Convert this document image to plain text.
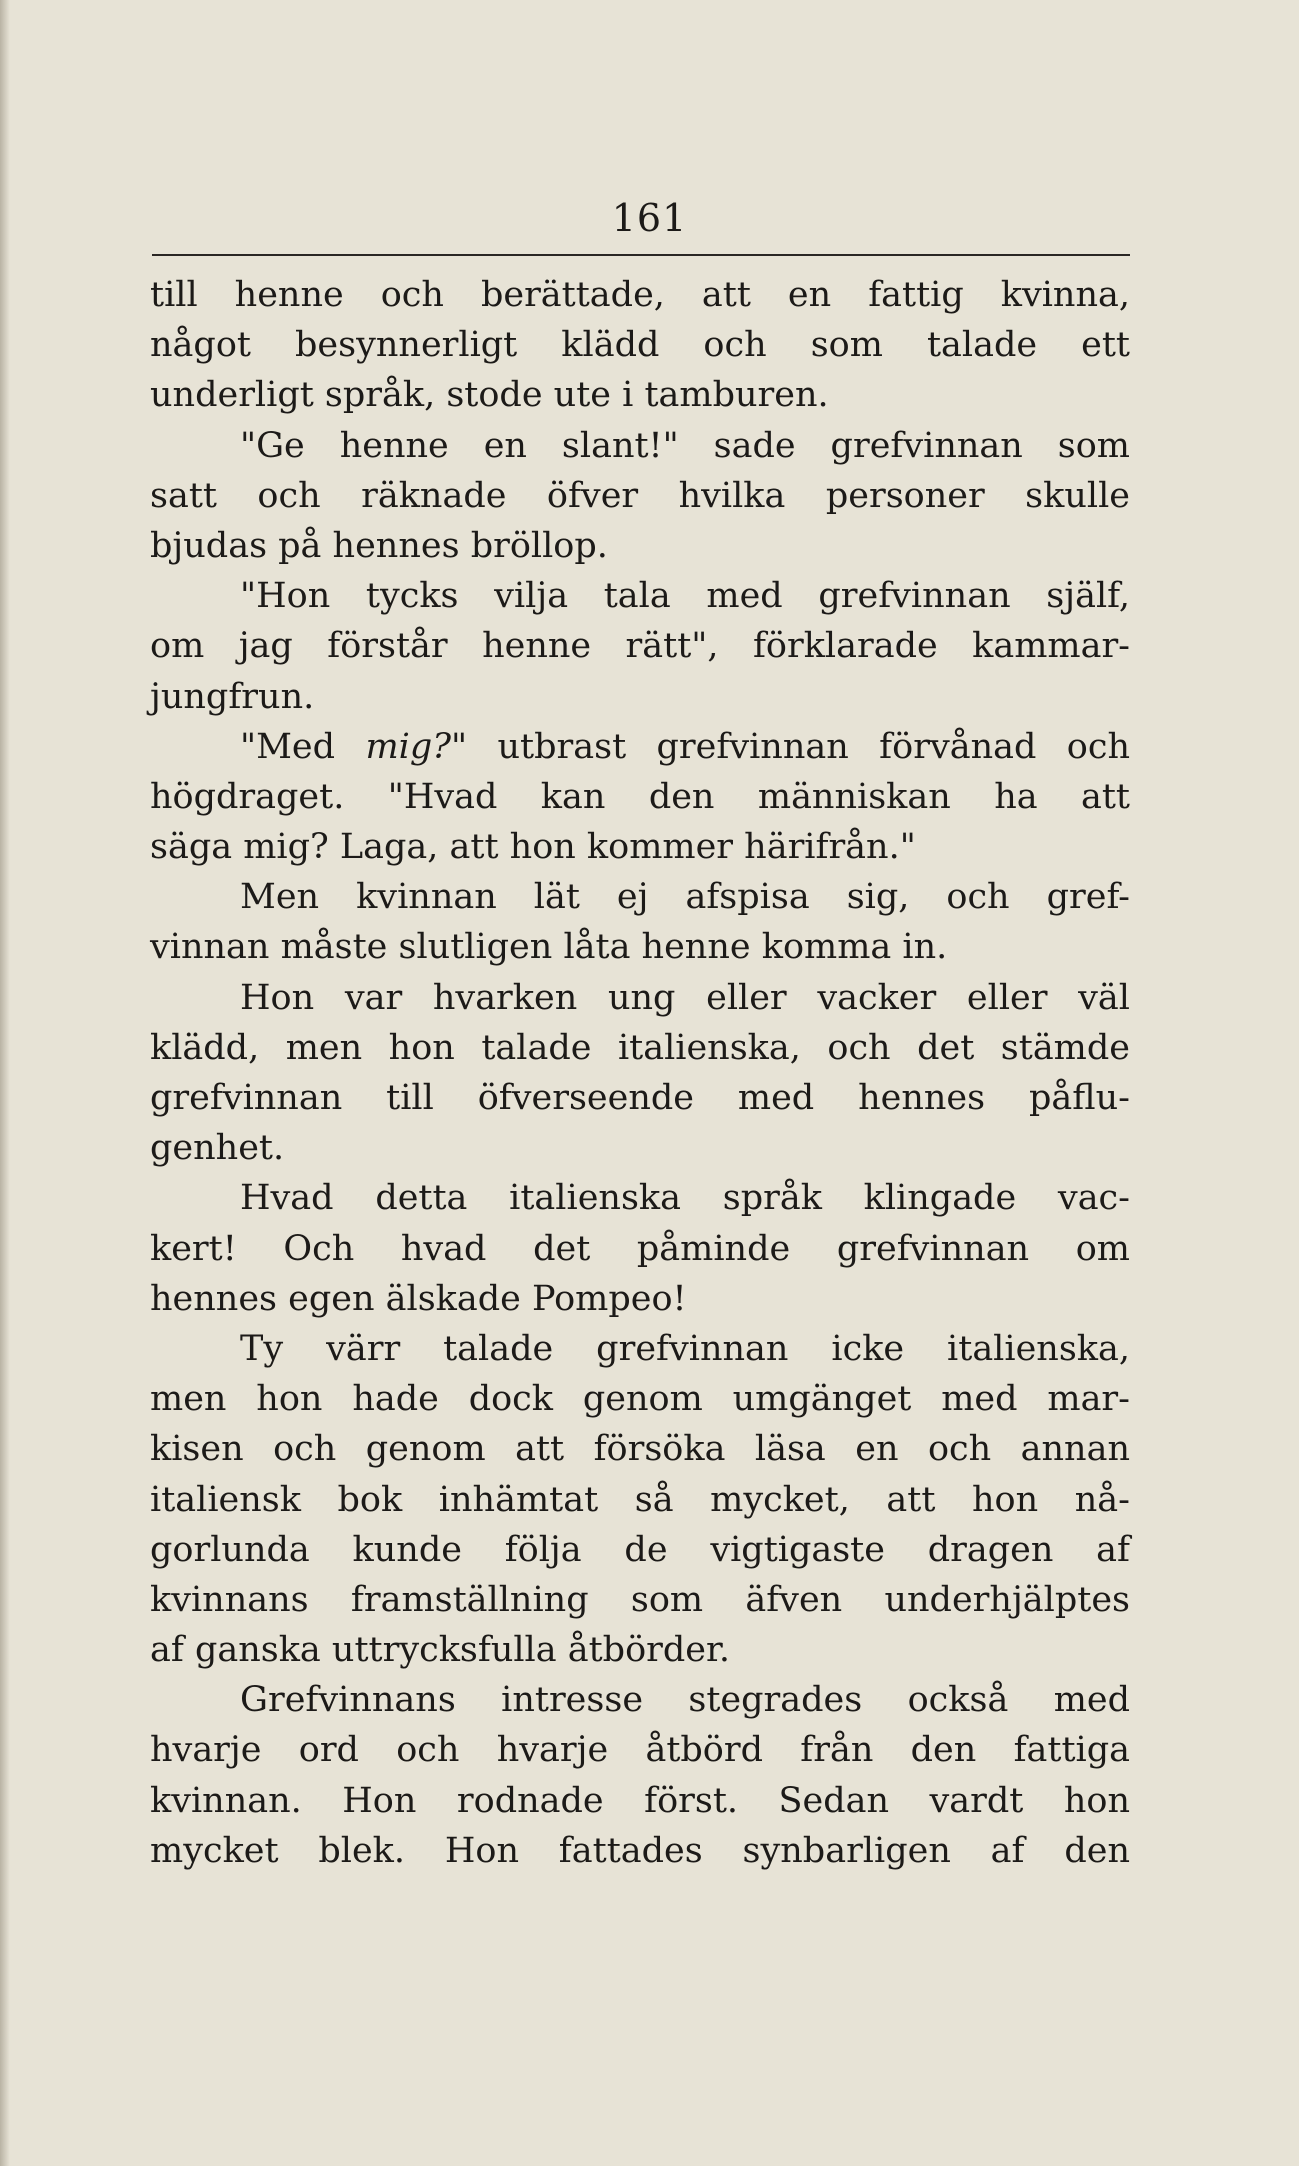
161
till henne och berättade, att en fattig kvinna,
något besynnerligt klädd och som talade ett
underligt språk, stode ute i tamburen.
"Ge henne en slant!" sade grefvinnan som
satt och räknade öfver hvilka personer skulle
bjudas på hennes bröllop.
"Hon tycks vilja tala med grefvinnan själf,
om jag förstår henne rätt", förklarade kammar-
jungfrun.
"Med mig?" utbrast grefvinnan förvånad och
högdraget. "Hvad kan den människan ha att
säga mig? Laga, att hon kommer härifrån."
Men kvinnan lät ej afspisa sig, och gref-
vinnan måste slutligen låta henne komma in.
Hon var hvarken ung eller vacker eller väl
klädd, men hon talade italienska, och det stämde
grefvinnan till öfverseende med hennes påflu-
genhet.
Hvad detta italienska språk klingade vac-
kert! Och hvad det påminde grefvinnan om
hennes egen älskade Pompeo!
Ty värr talade grefvinnan icke italienska,
men hon hade dock genom umgänget med mar-
kisen och genom att försöka läsa en och annan
italiensk bok inhämtat så mycket, att hon nå-
gorlunda kunde följa de vigtigaste dragen af
kvinnans framställning som äfven underhjälptes
af ganska uttrycksfulla åtbörder.
Grefvinnans intresse stegrades också med
hvarje ord och hvarje åtbörd från den fattiga
kvinnan. Hon rodnade först. Sedan vardt hon
mycket blek. Hon fattades synbarligen af den
